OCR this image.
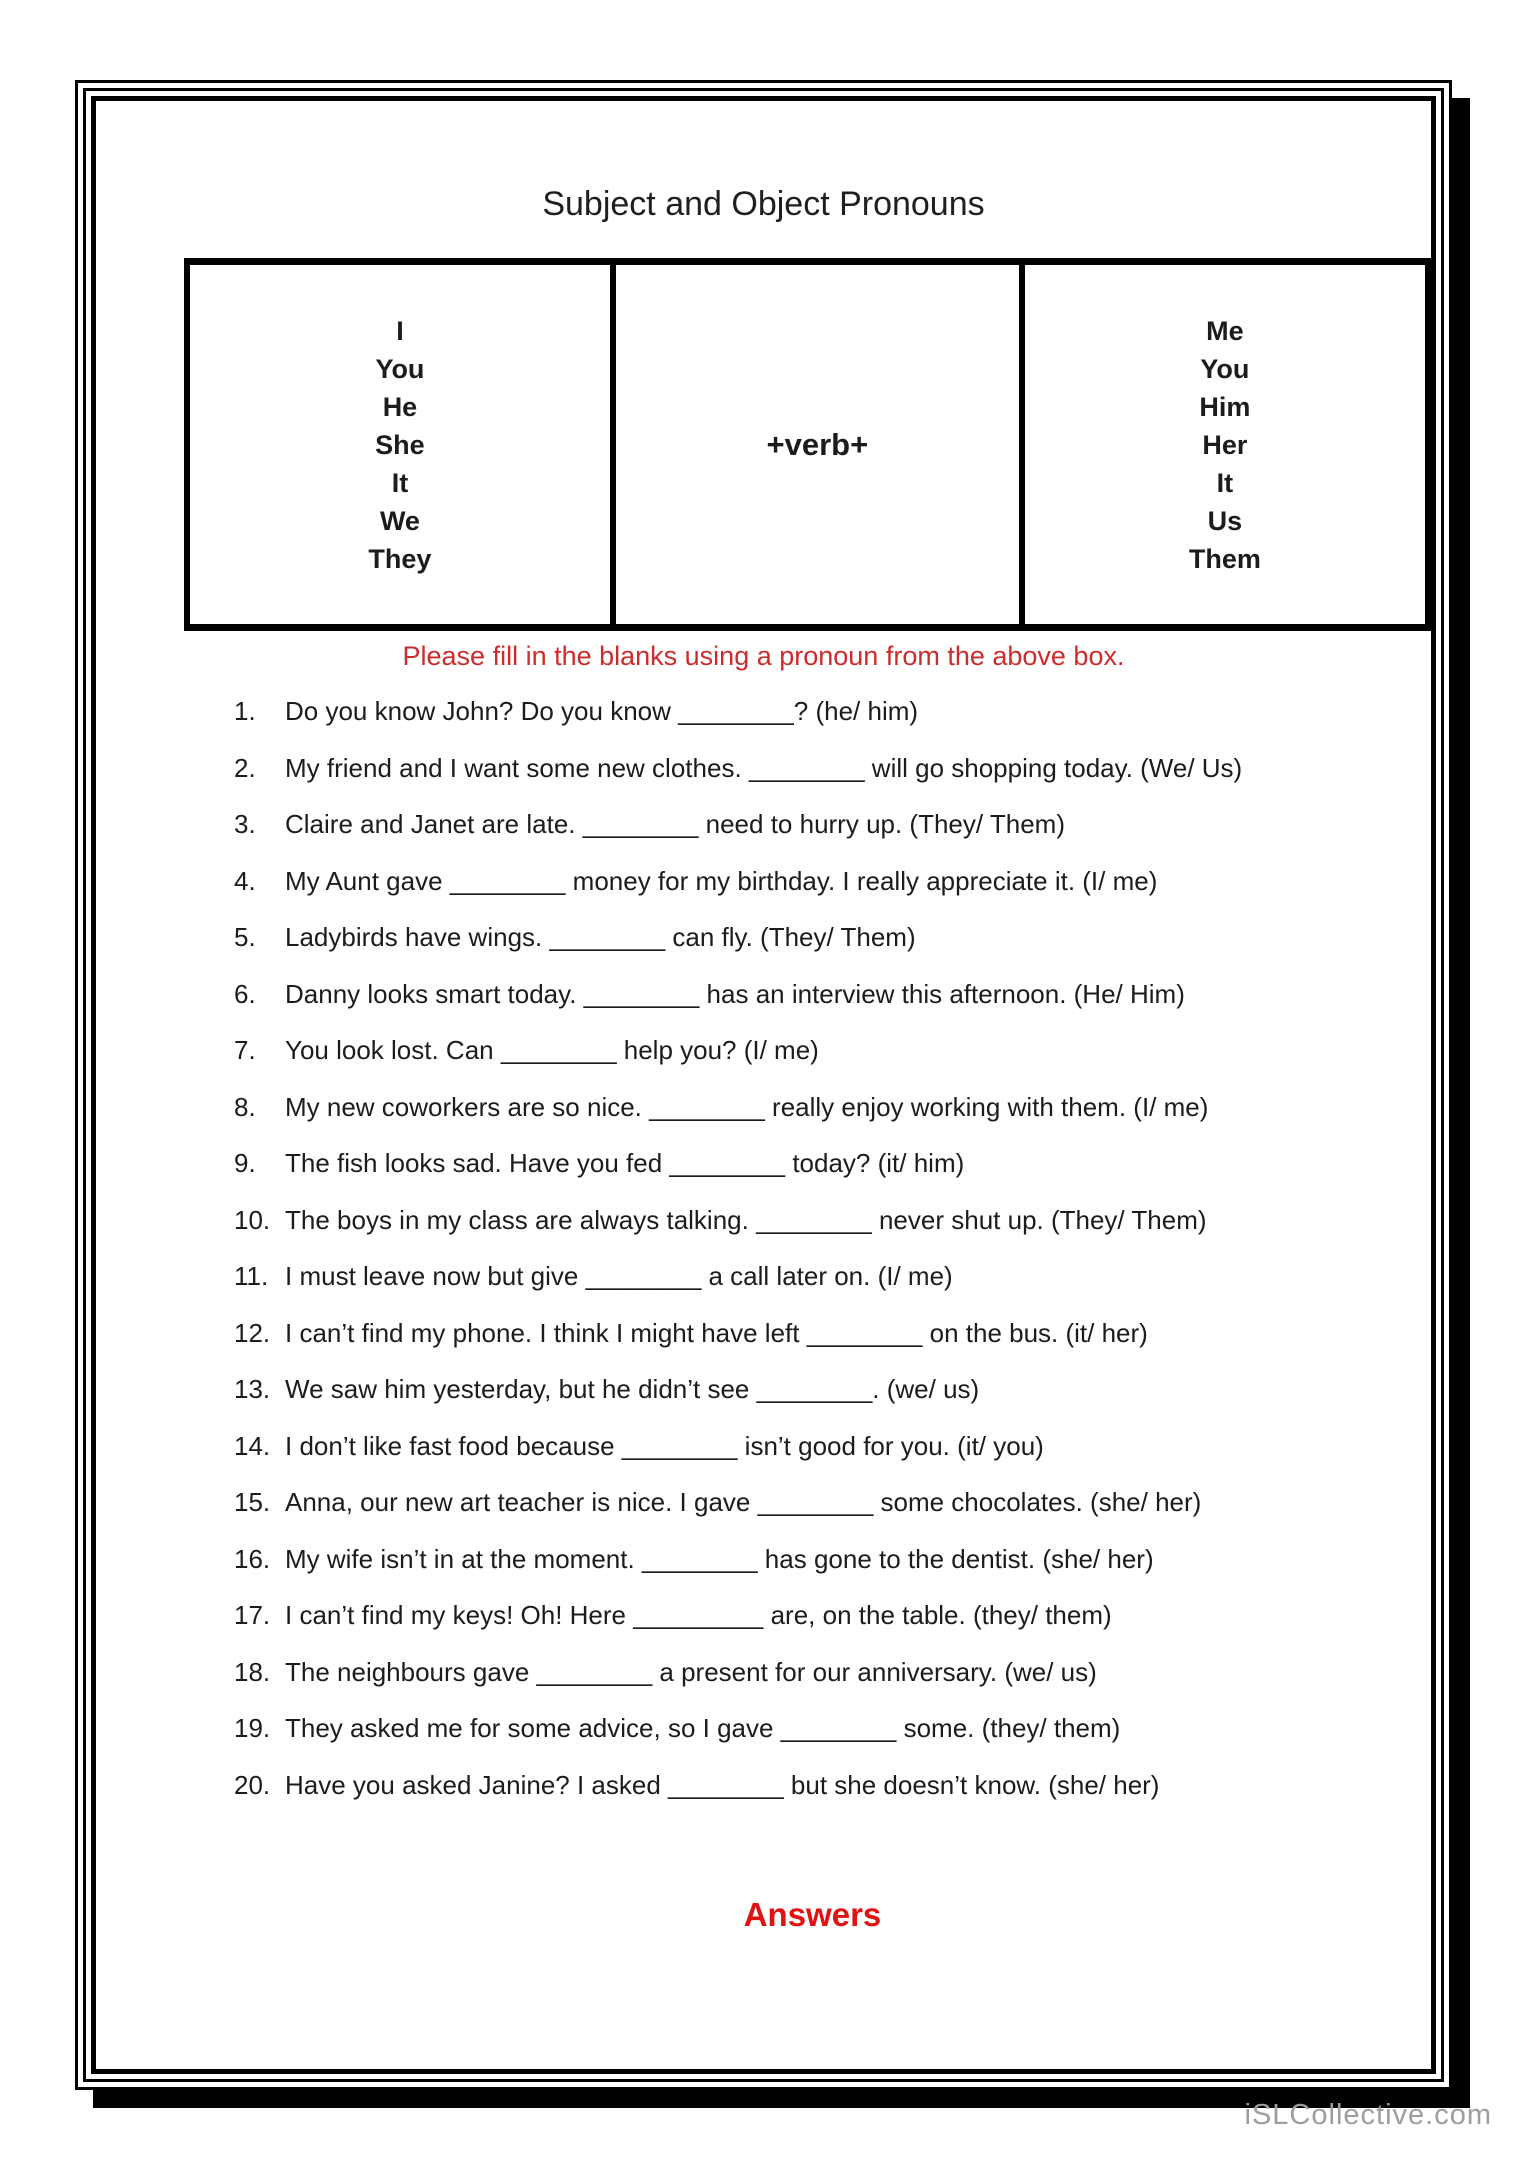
Subject and Object Pronouns
I
You
He
She
It
We
They
+verb+
Me
You
Him
Her
It
Us
Them
Please fill in the blanks using a pronoun from the above box.
1. Do you know John? Do you know ________? (he/ him)
2. My friend and I want some new clothes. ________ will go shopping today. (We/ Us)
3. Claire and Janet are late. ________ need to hurry up. (They/ Them)
4. My Aunt gave ________ money for my birthday. I really appreciate it. (I/ me)
5. Ladybirds have wings. ________ can fly. (They/ Them)
6. Danny looks smart today. ________ has an interview this afternoon. (He/ Him)
7. You look lost. Can ________ help you? (I/ me)
8. My new coworkers are so nice. ________ really enjoy working with them. (I/ me)
9. The fish looks sad. Have you fed ________ today? (it/ him)
10. The boys in my class are always talking. ________ never shut up. (They/ Them)
11. I must leave now but give ________ a call later on. (I/ me)
12. I can’t find my phone. I think I might have left ________ on the bus. (it/ her)
13. We saw him yesterday, but he didn’t see ________. (we/ us)
14. I don’t like fast food because ________ isn’t good for you. (it/ you)
15. Anna, our new art teacher is nice. I gave ________ some chocolates. (she/ her)
16. My wife isn’t in at the moment. ________ has gone to the dentist. (she/ her)
17. I can’t find my keys! Oh! Here _________ are, on the table. (they/ them)
18. The neighbours gave ________ a present for our anniversary. (we/ us)
19. They asked me for some advice, so I gave ________ some. (they/ them)
20. Have you asked Janine? I asked ________ but she doesn’t know. (she/ her)
Answers
iSLCollective.com
